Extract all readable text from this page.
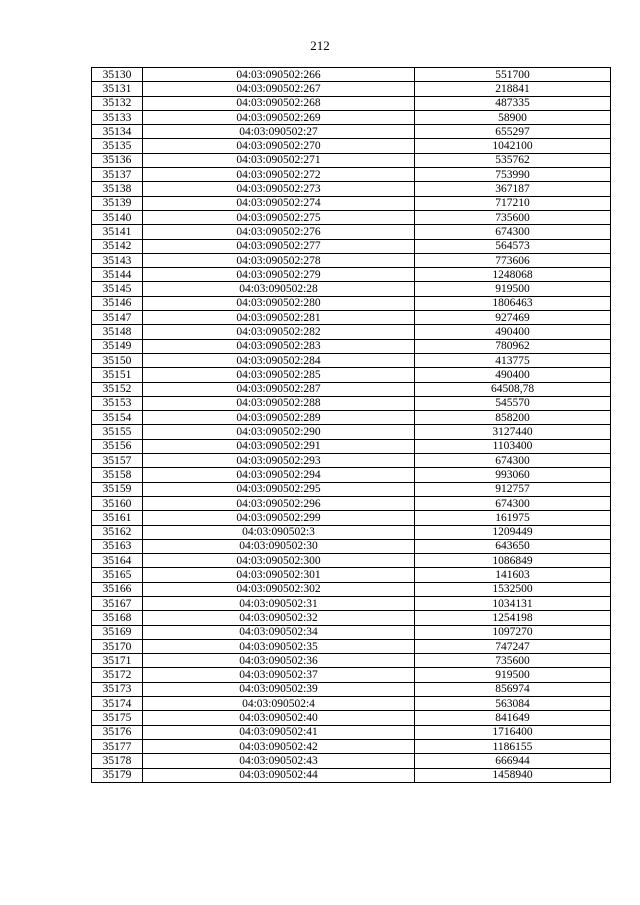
212
35130	04:03:090502:266	551700
35131	04:03:090502:267	218841
35132	04:03:090502:268	487335
35133	04:03:090502:269	58900
35134	04:03:090502:27	655297
35135	04:03:090502:270	1042100
35136	04:03:090502:271	535762
35137	04:03:090502:272	753990
35138	04:03:090502:273	367187
35139	04:03:090502:274	717210
35140	04:03:090502:275	735600
35141	04:03:090502:276	674300
35142	04:03:090502:277	564573
35143	04:03:090502:278	773606
35144	04:03:090502:279	1248068
35145	04:03:090502:28	919500
35146	04:03:090502:280	1806463
35147	04:03:090502:281	927469
35148	04:03:090502:282	490400
35149	04:03:090502:283	780962
35150	04:03:090502:284	413775
35151	04:03:090502:285	490400
35152	04:03:090502:287	64508,78
35153	04:03:090502:288	545570
35154	04:03:090502:289	858200
35155	04:03:090502:290	3127440
35156	04:03:090502:291	1103400
35157	04:03:090502:293	674300
35158	04:03:090502:294	993060
35159	04:03:090502:295	912757
35160	04:03:090502:296	674300
35161	04:03:090502:299	161975
35162	04:03:090502:3	1209449
35163	04:03:090502:30	643650
35164	04:03:090502:300	1086849
35165	04:03:090502:301	141603
35166	04:03:090502:302	1532500
35167	04:03:090502:31	1034131
35168	04:03:090502:32	1254198
35169	04:03:090502:34	1097270
35170	04:03:090502:35	747247
35171	04:03:090502:36	735600
35172	04:03:090502:37	919500
35173	04:03:090502:39	856974
35174	04:03:090502:4	563084
35175	04:03:090502:40	841649
35176	04:03:090502:41	1716400
35177	04:03:090502:42	1186155
35178	04:03:090502:43	666944
35179	04:03:090502:44	1458940
